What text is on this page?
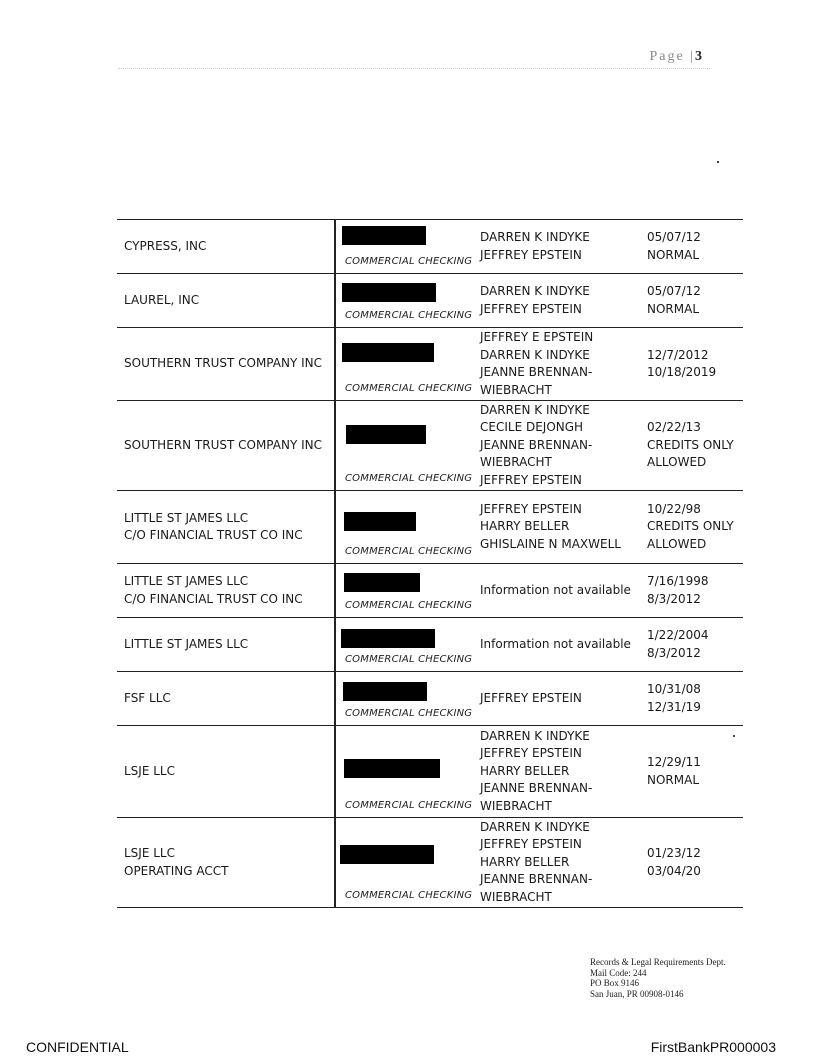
Page |3
CYPRESS, INC	COMMERCIAL CHECKING	DARREN K INDYKE
JEFFREY EPSTEIN	05/07/12
NORMAL

LAUREL, INC	COMMERCIAL CHECKING	DARREN K INDYKE
JEFFREY EPSTEIN	05/07/12
NORMAL

SOUTHERN TRUST COMPANY INC	COMMERCIAL CHECKING	JEFFREY E EPSTEIN
DARREN K INDYKE
JEANNE BRENNAN-
WIEBRACHT	12/7/2012
10/18/2019

SOUTHERN TRUST COMPANY INC	COMMERCIAL CHECKING	DARREN K INDYKE
CECILE DEJONGH
JEANNE BRENNAN-
WIEBRACHT
JEFFREY EPSTEIN	02/22/13
CREDITS ONLY
ALLOWED

LITTLE ST JAMES LLC
C/O FINANCIAL TRUST CO INC	COMMERCIAL CHECKING	JEFFREY EPSTEIN
HARRY BELLER
GHISLAINE N MAXWELL	10/22/98
CREDITS ONLY
ALLOWED

LITTLE ST JAMES LLC
C/O FINANCIAL TRUST CO INC	COMMERCIAL CHECKING	Information not available	7/16/1998
8/3/2012

LITTLE ST JAMES LLC	COMMERCIAL CHECKING	Information not available	1/22/2004
8/3/2012

FSF LLC	COMMERCIAL CHECKING	JEFFREY EPSTEIN	10/31/08
12/31/19

LSJE LLC	COMMERCIAL CHECKING	DARREN K INDYKE
JEFFREY EPSTEIN
HARRY BELLER
JEANNE BRENNAN-
WIEBRACHT	12/29/11
NORMAL

LSJE LLC
OPERATING ACCT	COMMERCIAL CHECKING	DARREN K INDYKE
JEFFREY EPSTEIN
HARRY BELLER
JEANNE BRENNAN-
WIEBRACHT	01/23/12
03/04/20
Records & Legal Requirements Dept.
Mail Code: 244
PO Box 9146
San Juan, PR 00908-0146
CONFIDENTIAL	FirstBankPR000003
